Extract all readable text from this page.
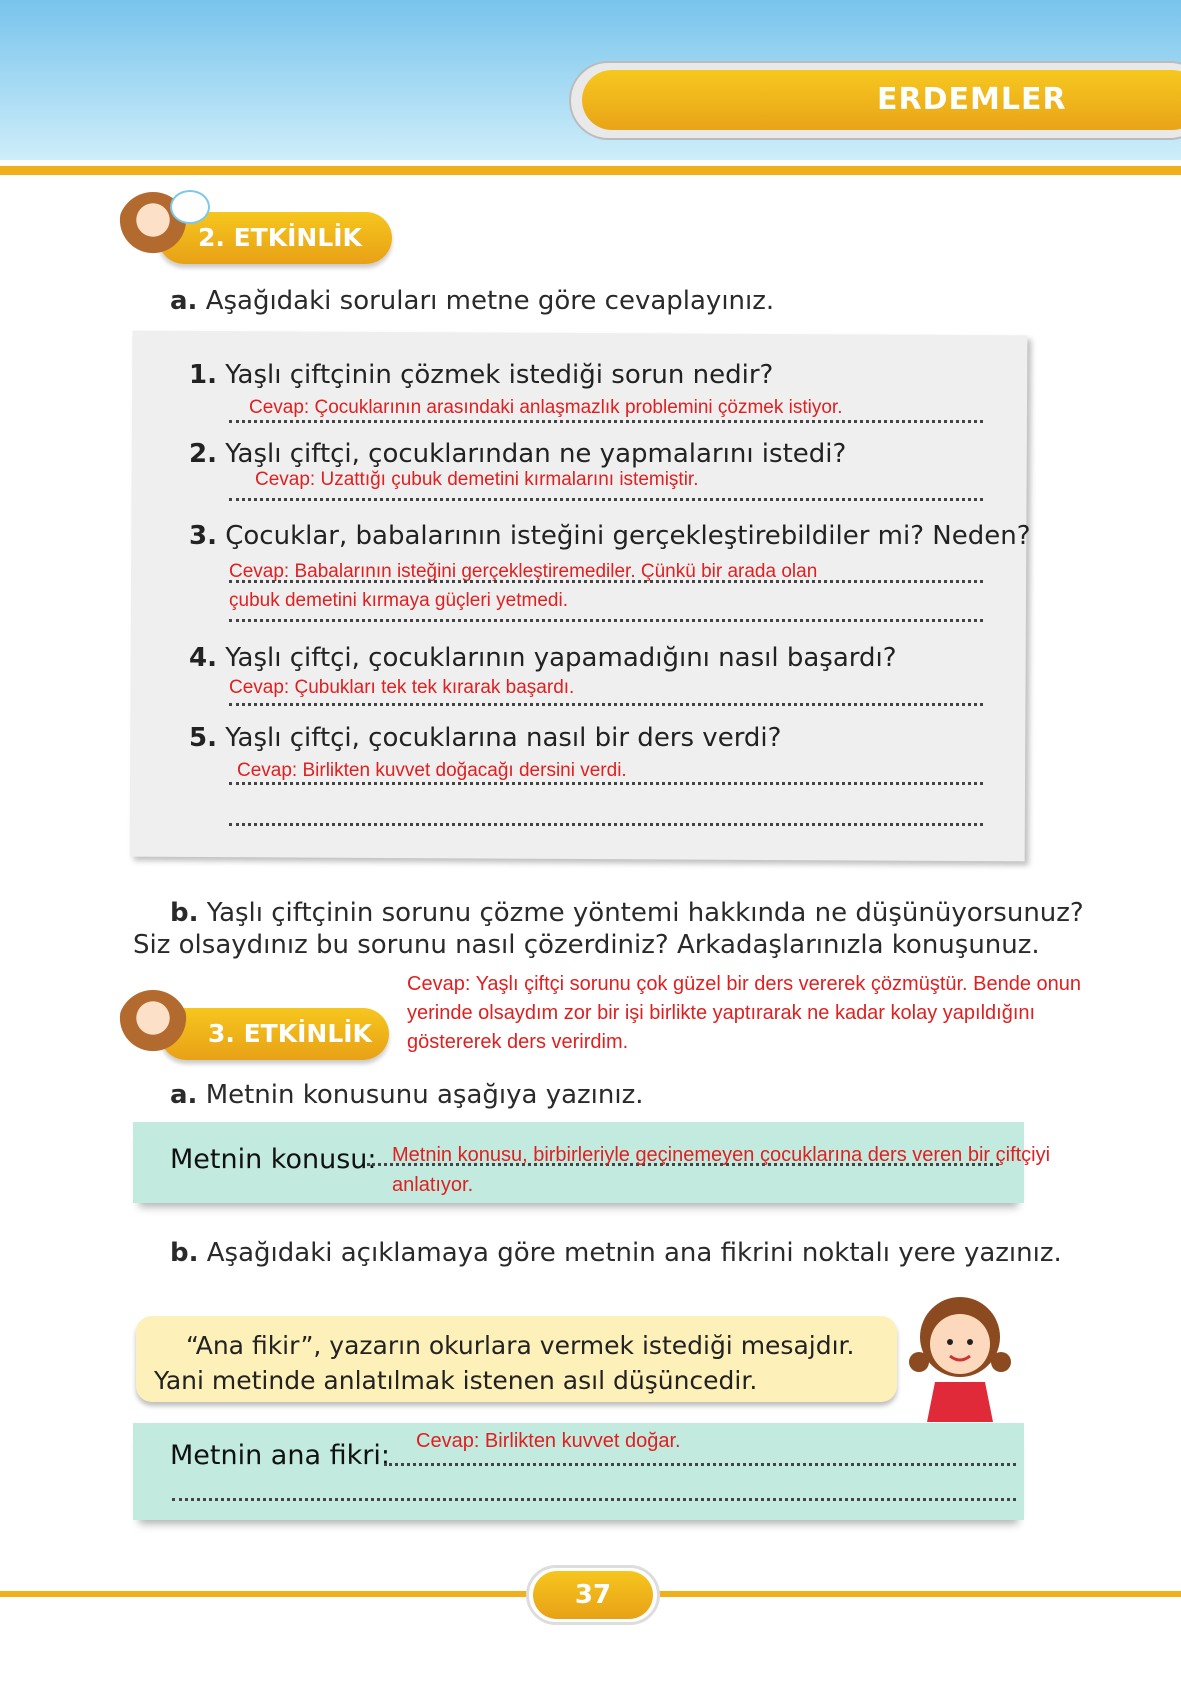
ERDEMLER
2. ETKİNLİK
a. Aşağıdaki soruları metne göre cevaplayınız.
1. Yaşlı çiftçinin çözmek istediği sorun nedir?
Cevap: Çocuklarının arasındaki anlaşmazlık problemini çözmek istiyor.
2. Yaşlı çiftçi, çocuklarından ne yapmalarını istedi?
Cevap: Uzattığı çubuk demetini kırmalarını istemiştir.
3. Çocuklar, babalarının isteğini gerçekleştirebildiler mi? Neden?
Cevap: Babalarının isteğini gerçekleştiremediler. Çünkü bir arada olan
çubuk demetini kırmaya güçleri yetmedi.
4. Yaşlı çiftçi, çocuklarının yapamadığını nasıl başardı?
Cevap: Çubukları tek tek kırarak başardı.
5. Yaşlı çiftçi, çocuklarına nasıl bir ders verdi?
Cevap: Birlikten kuvvet doğacağı dersini verdi.
b. Yaşlı çiftçinin sorunu çözme yöntemi hakkında ne düşünüyorsunuz?
Siz olsaydınız bu sorunu nasıl çözerdiniz? Arkadaşlarınızla konuşunuz.
Cevap: Yaşlı çiftçi sorunu çok güzel bir ders vererek çözmüştür. Bende onun
yerinde olsaydım zor bir işi birlikte yaptırarak ne kadar kolay yapıldığını
göstererek ders verirdim.
3. ETKİNLİK
a. Metnin konusunu aşağıya yazınız.
Metnin konusu: Metnin konusu, birbirleriyle geçinemeyen çocuklarına ders veren bir çiftçiyi
anlatıyor.
b. Aşağıdaki açıklamaya göre metnin ana fikrini noktalı yere yazınız.
“Ana fikir”, yazarın okurlara vermek istediği mesajdır.
Yani metinde anlatılmak istenen asıl düşüncedir.
Metnin ana fikri: Cevap: Birlikten kuvvet doğar.
37
